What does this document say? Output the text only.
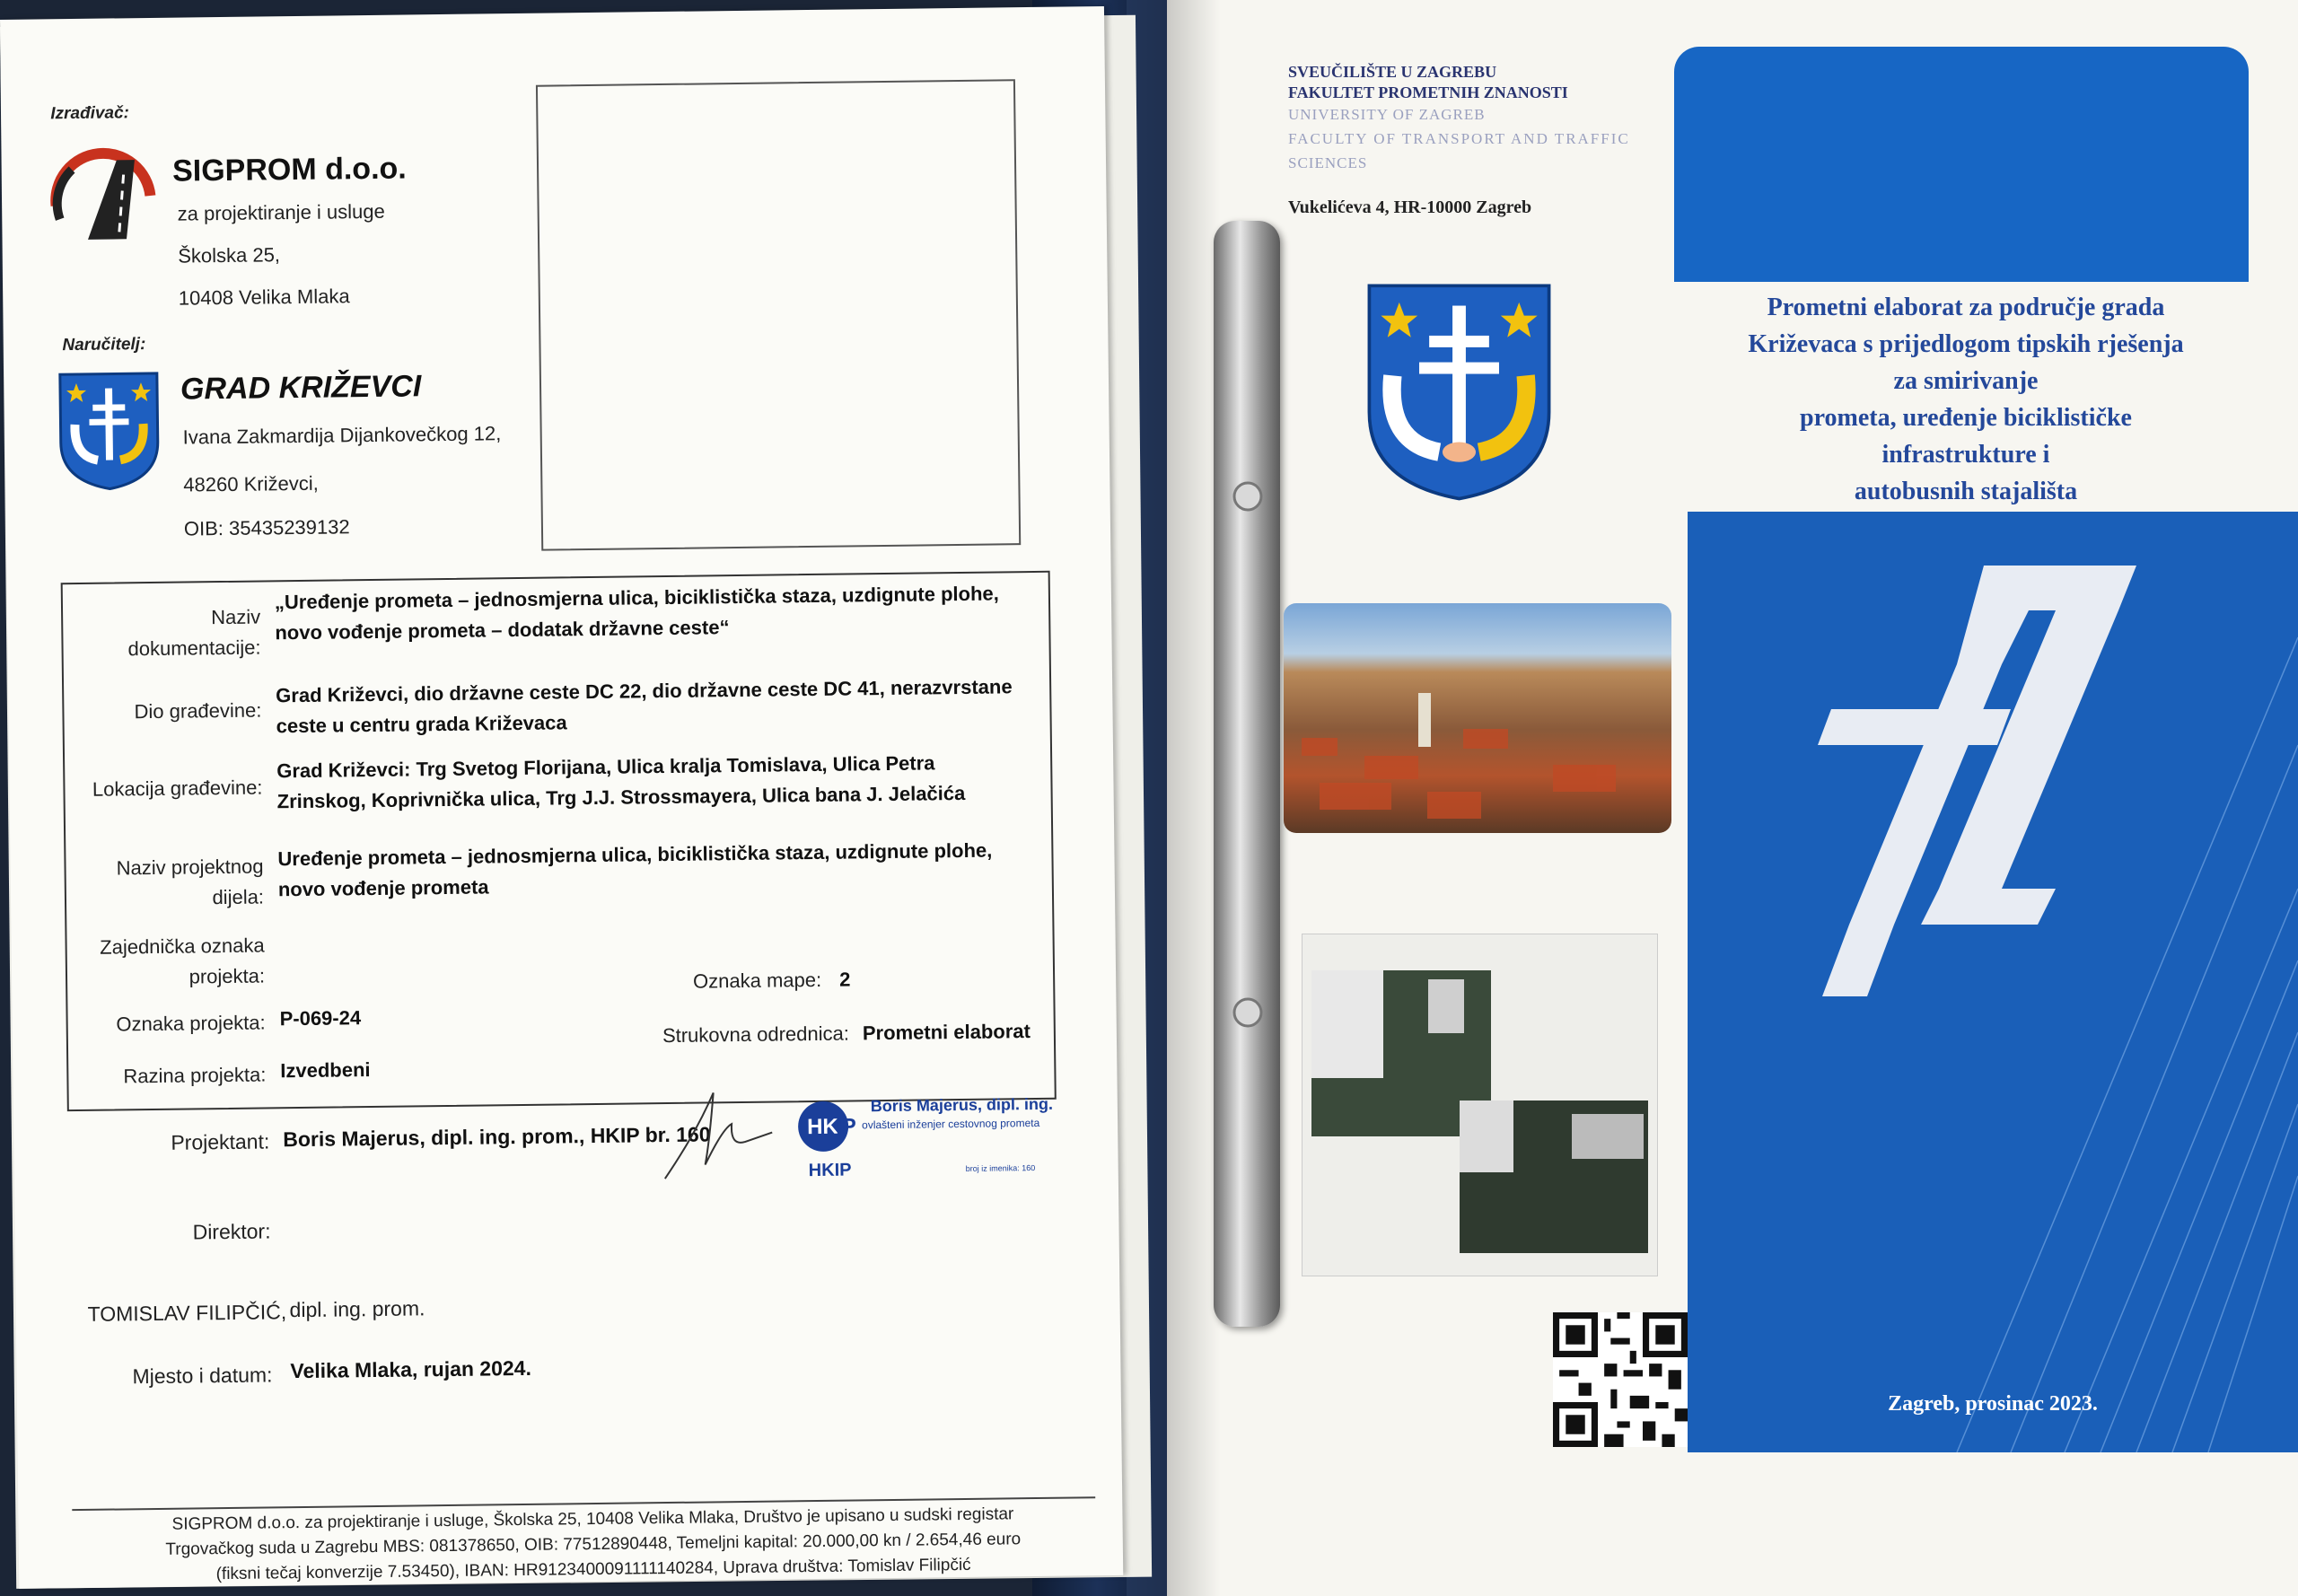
Izrađivač:
SIGPROM d.o.o.
za projektiranje i usluge
Školska 25,
10408 Velika Mlaka
Naručitelj:
GRAD KRIŽEVCI
Ivana Zakmardija Dijankovečkog 12,
48260 Križevci,
OIB: 35435239132
Naziv
dokumentacije:
„Uređenje prometa – jednosmjerna ulica, biciklistička staza, uzdignute plohe,
novo vođenje prometa – dodatak državne ceste“
Dio građevine:
Grad Križevci, dio državne ceste DC 22, dio državne ceste DC 41, nerazvrstane
ceste u centru grada Križevaca
Lokacija građevine:
Grad Križevci: Trg Svetog Florijana, Ulica kralja Tomislava, Ulica Petra
Zrinskog, Koprivnička ulica, Trg J.J. Strossmayera, Ulica bana J. Jelačića
Naziv projektnog
dijela:
Uređenje prometa – jednosmjerna ulica, biciklistička staza, uzdignute plohe,
novo vođenje prometa
Zajednička oznaka
projekta:	Oznaka mape: 2
Oznaka projekta: P-069-24
Strukovna odrednica: Prometni elaborat
Razina projekta: Izvedbeni
Projektant: Boris Majerus, dipl. ing. prom., HKIP br. 160	HK
IP
HKIP
Boris Majerus, dipl. ing.
ovlašteni inženjer cestovnog prometa
broj iz imenika: 160
Direktor:
TOMISLAV FILIPČIĆ, dipl. ing. prom.
Mjesto i datum: Velika Mlaka, rujan 2024.
SIGPROM d.o.o. za projektiranje i usluge, Školska 25, 10408 Velika Mlaka, Društvo je upisano u sudski registar
Trgovačkog suda u Zagrebu MBS: 081378650, OIB: 77512890448, Temeljni kapital: 20.000,00 kn / 2.654,46 euro
(fiksni tečaj konverzije 7.53450), IBAN: HR9123400091111140284, Uprava društva: Tomislav Filipčić
SVEUČILIŠTE U ZAGREBU
FAKULTET PROMETNIH ZNANOSTI
UNIVERSITY OF ZAGREB
FACULTY OF TRANSPORT AND TRAFFIC
SCIENCES
Vukelićeva 4, HR-10000 Zagreb
Prometni elaborat za područje grada
Križevaca s prijedlogom tipskih rješenja
za smirivanje
prometa, uređenje biciklističke
infrastrukture i
autobusnih stajališta
Zagreb, prosinac 2023.
